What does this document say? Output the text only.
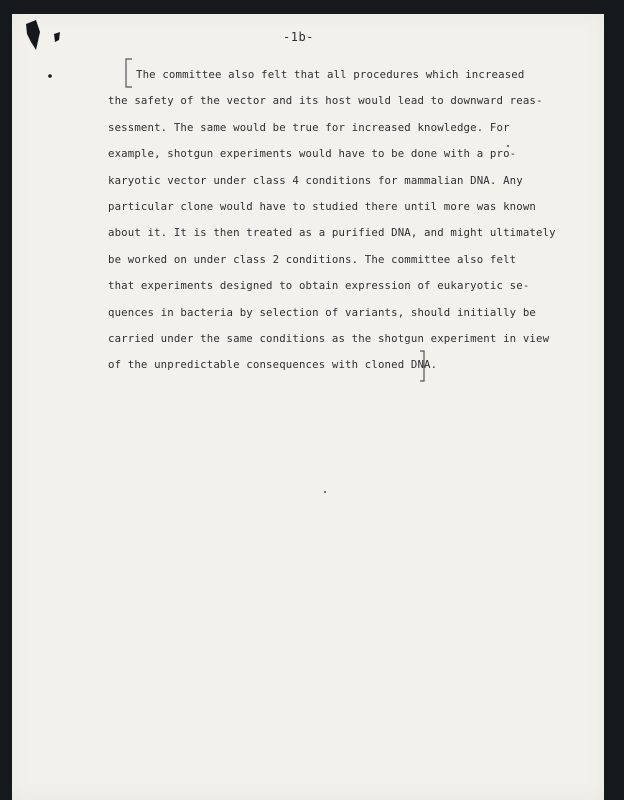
-1b-
The committee also felt that all procedures which increased
the safety of the vector and its host would lead to downward reas-
sessment. The same would be true for increased knowledge. For
example, shotgun experiments would have to be done with a pro-
karyotic vector under class 4 conditions for mammalian DNA. Any
particular clone would have to studied there until more was known
about it. It is then treated as a purified DNA, and might ultimately
be worked on under class 2 conditions. The committee also felt
that experiments designed to obtain expression of eukaryotic se-
quences in bacteria by selection of variants, should initially be
carried under the same conditions as the shotgun experiment in view
of the unpredictable consequences with cloned DNA.
